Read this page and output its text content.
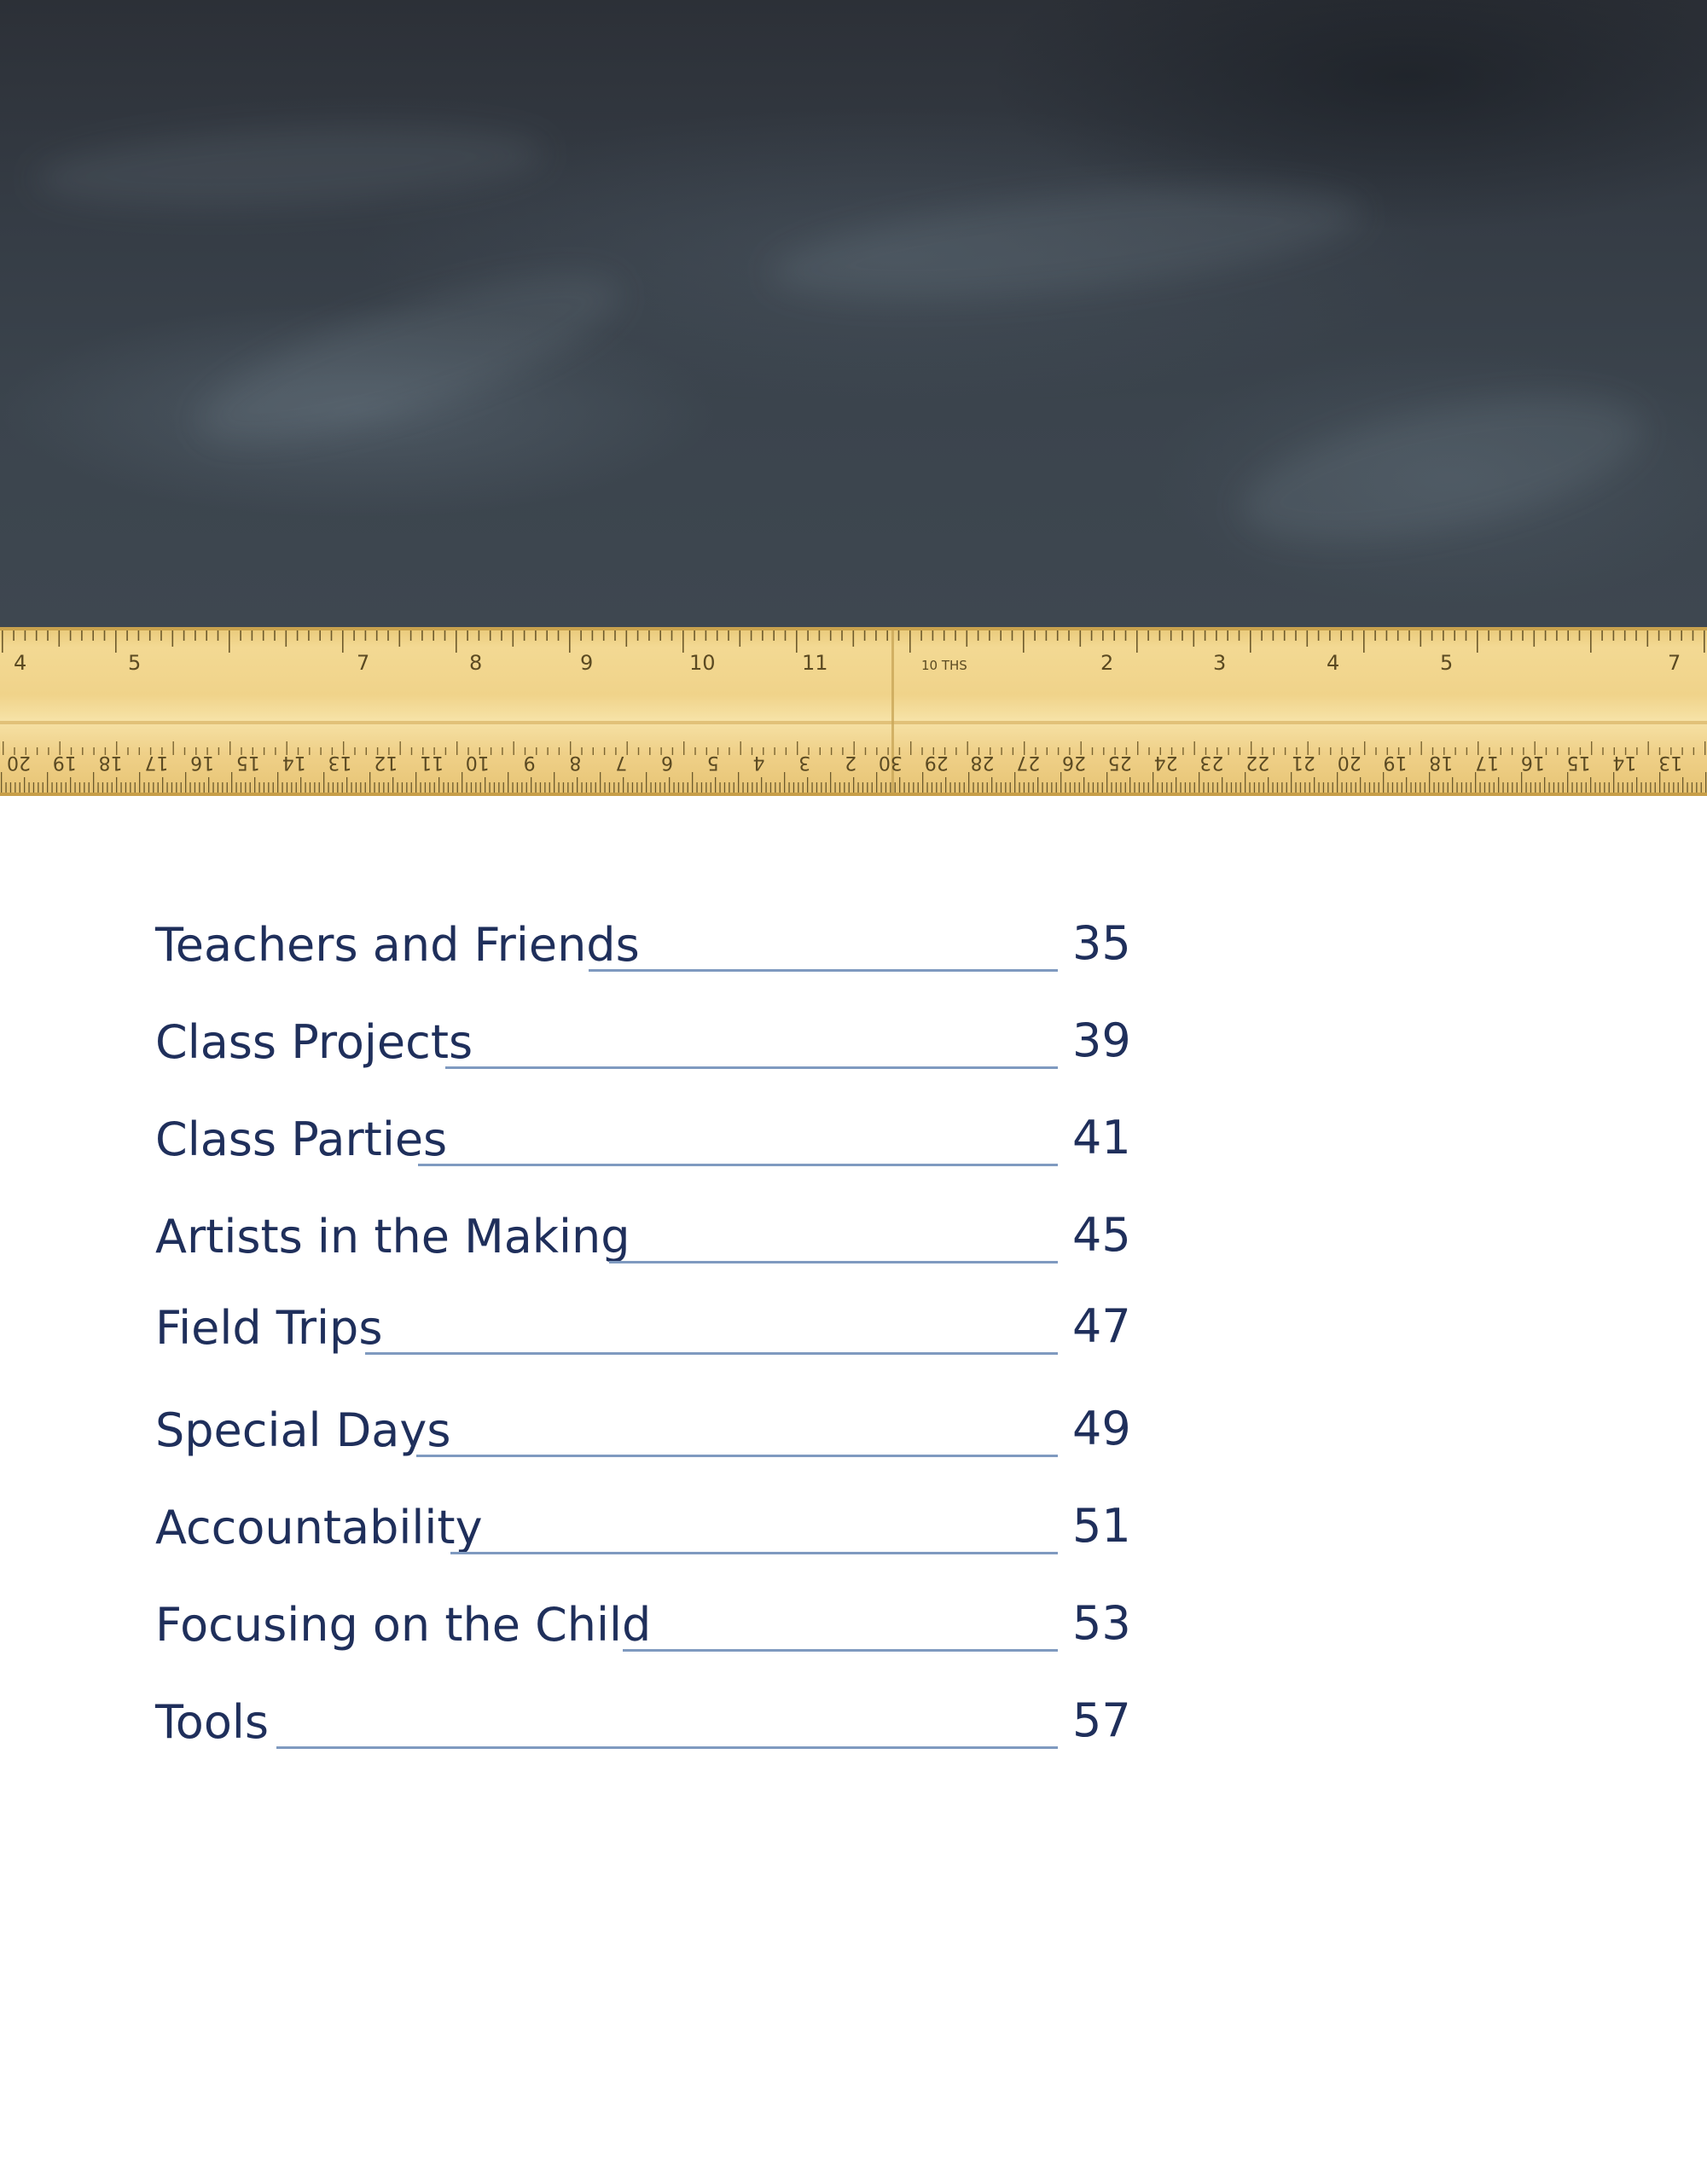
4	5	7	8	9	10	11	10 THS	2	3	4	5	7
20 19 18 17 16 15 14 13 12 11 10 9 8 7 6 5 4 3 2 30 29 28 27 26 25 24 23 22 21 20 19 18 17 16 15 14 13
Teachers and Friends	35
Class Projects	39
Class Parties	41
Artists in the Making	45
Field Trips	47
Special Days	49
Accountability	51
Focusing on the Child	53
Tools	57
